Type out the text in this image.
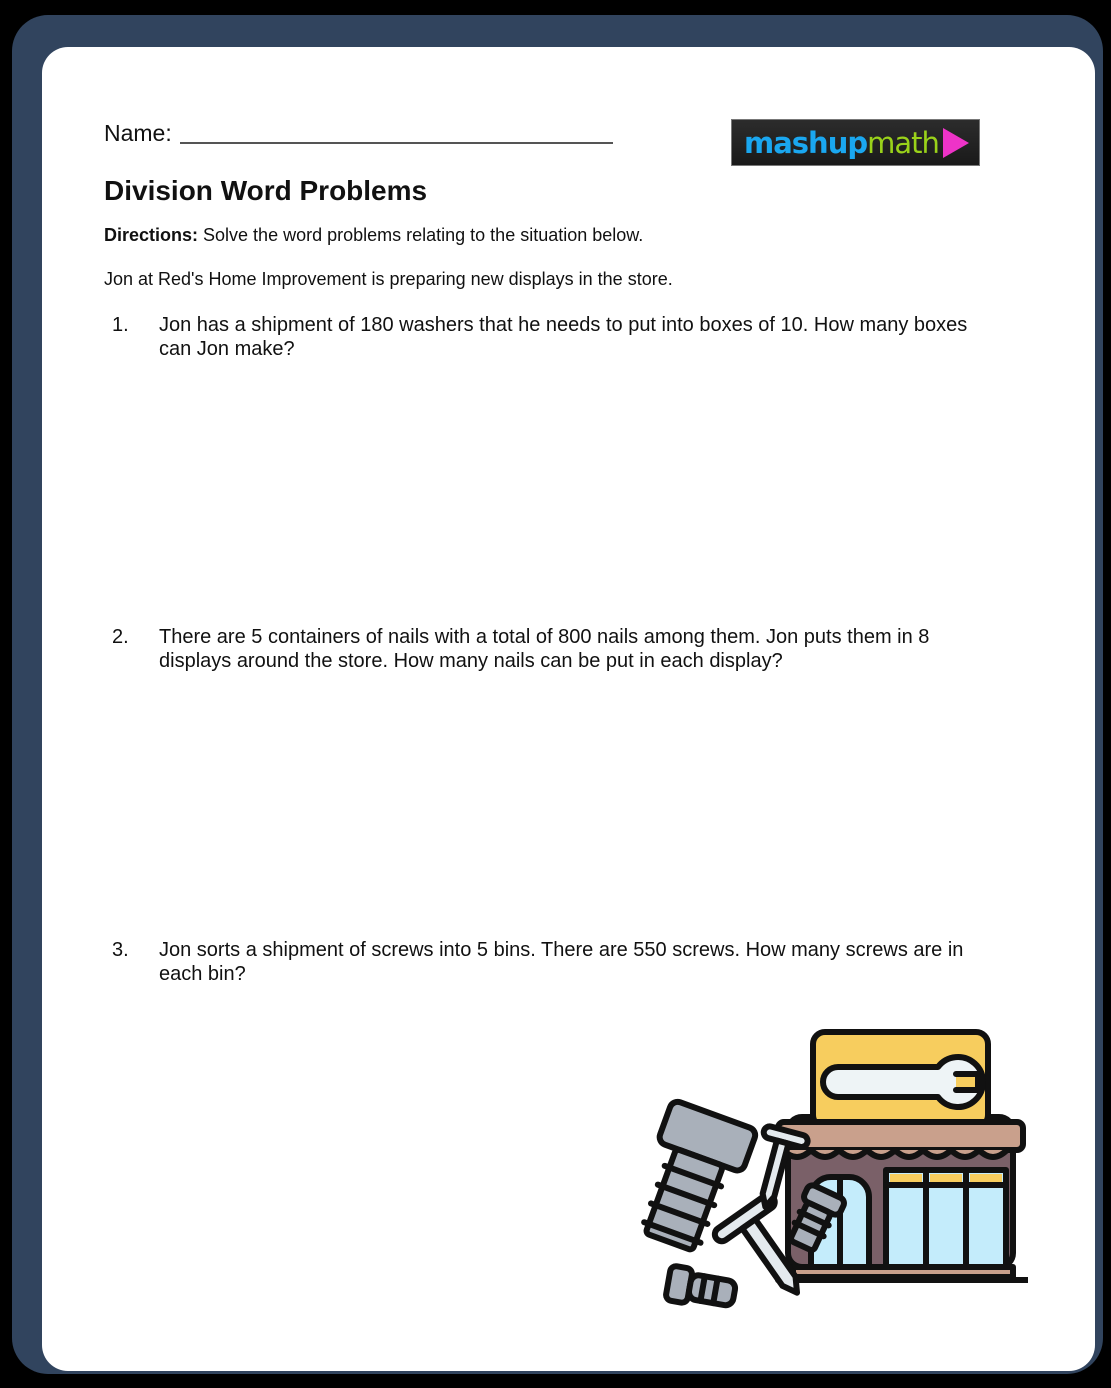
Name:	mashup math
Division Word Problems
Directions: Solve the word problems relating to the situation below.
Jon at Red's Home Improvement is preparing new displays in the store.
1.	Jon has a shipment of 180 washers that he needs to put into boxes of 10. How many boxes can Jon make?
2.	There are 5 containers of nails with a total of 800 nails among them. Jon puts them in 8 displays around the store. How many nails can be put in each display?
3.	Jon sorts a shipment of screws into 5 bins. There are 550 screws. How many screws are in each bin?
